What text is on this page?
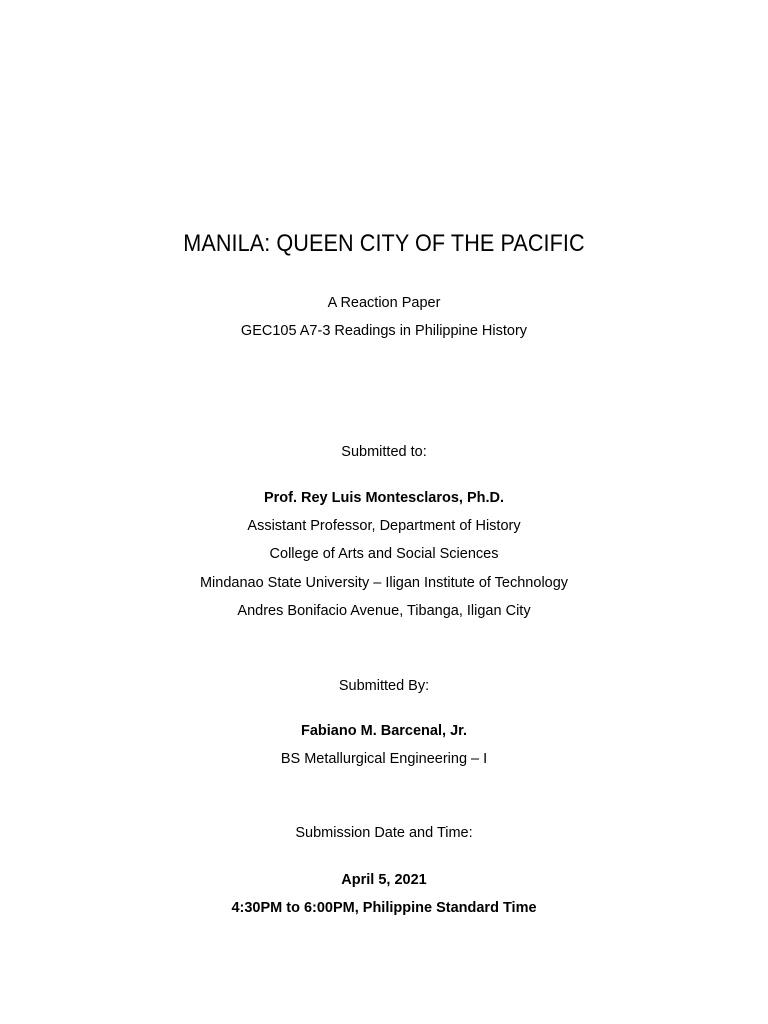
MANILA: QUEEN CITY OF THE PACIFIC
A Reaction Paper
GEC105 A7-3 Readings in Philippine History
Submitted to:
Prof. Rey Luis Montesclaros, Ph.D.
Assistant Professor, Department of History
College of Arts and Social Sciences
Mindanao State University – Iligan Institute of Technology
Andres Bonifacio Avenue, Tibanga, Iligan City
Submitted By:
Fabiano M. Barcenal, Jr.
BS Metallurgical Engineering – I
Submission Date and Time:
April 5, 2021
4:30PM to 6:00PM, Philippine Standard Time
